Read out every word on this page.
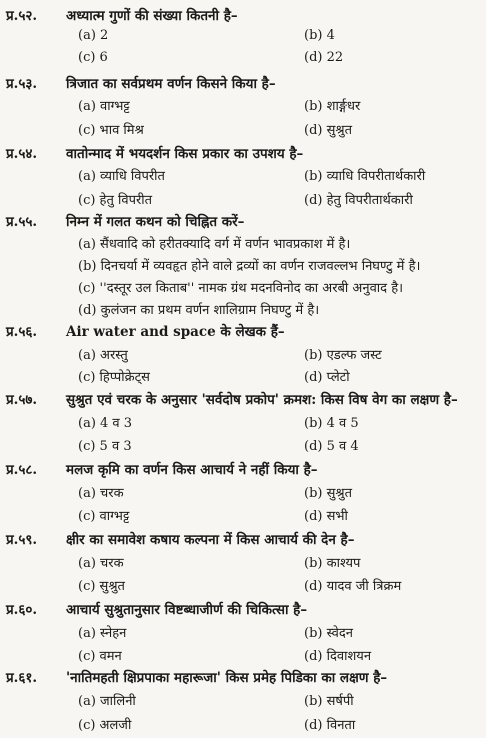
प्र.५२. अध्यात्म गुणों की संख्या कितनी है–
(a) 2	(b) 4
(c) 6	(d) 22
प्र.५३. त्रिजात का सर्वप्रथम वर्णन किसने किया है–
(a) वाग्भट्ट	(b) शार्ङ्गधर
(c) भाव मिश्र	(d) सुश्रुत
प्र.५४. वातोन्माद में भयदर्शन किस प्रकार का उपशय है–
(a) व्याधि विपरीत	(b) व्याधि विपरीतार्थकारी
(c) हेतु विपरीत	(d) हेतु विपरीतार्थकारी
प्र.५५. निम्न में गलत कथन को चिह्नित करें–
(a) सैंधवादि को हरीतक्यादि वर्ग में वर्णन भावप्रकाश में है।
(b) दिनचर्या में व्यवहृत होने वाले द्रव्यों का वर्णन राजवल्लभ निघण्टु में है।
(c) ''दस्तूर उल किताब'' नामक ग्रंथ मदनविनोद का अरबी अनुवाद है।
(d) कुलंजन का प्रथम वर्णन शालिग्राम निघण्टु में है।
प्र.५६. Air water and space के लेखक हैं–
(a) अरस्तु	(b) एडल्फ जस्ट
(c) हिप्पोक्रेट्स	(d) प्लेटो
प्र.५७. सुश्रुत एवं चरक के अनुसार 'सर्वदोष प्रकोप' क्रमश: किस विष वेग का लक्षण है–
(a) 4 व 3	(b) 4 व 5
(c) 5 व 3	(d) 5 व 4
प्र.५८. मलज कृमि का वर्णन किस आचार्य ने नहीं किया है–
(a) चरक	(b) सुश्रुत
(c) वाग्भट्ट	(d) सभी
प्र.५९. क्षीर का समावेश कषाय कल्पना में किस आचार्य की देन है–
(a) चरक	(b) काश्यप
(c) सुश्रुत	(d) यादव जी त्रिक्रम
प्र.६०. आचार्य सुश्रुतानुसार विष्टब्धाजीर्ण की चिकित्सा है–
(a) स्नेहन	(b) स्वेदन
(c) वमन	(d) दिवाशयन
प्र.६१. 'नातिमहती क्षिप्रपाका महारूजा' किस प्रमेह पिडिका का लक्षण है–
(a) जालिनी	(b) सर्षपी
(c) अलजी	(d) विनता
